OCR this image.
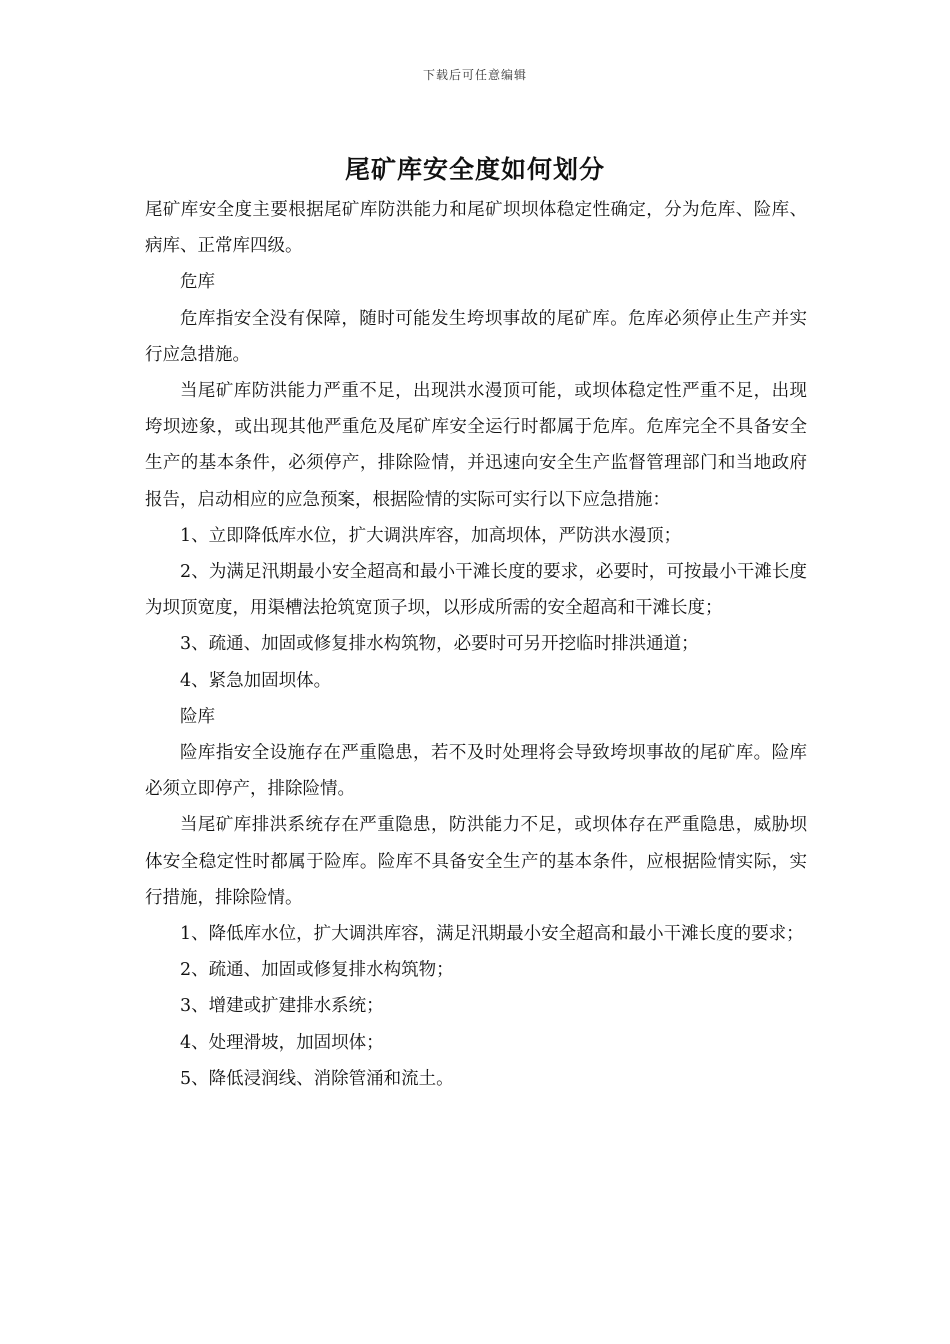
下载后可任意编辑
尾矿库安全度如何划分

尾矿库安全度主要根据尾矿库防洪能力和尾矿坝坝体稳定性确定，分为危库、险库、病库、正常库四级。

危库

危库指安全没有保障，随时可能发生垮坝事故的尾矿库。危库必须停止生产并实行应急措施。

当尾矿库防洪能力严重不足，出现洪水漫顶可能，或坝体稳定性严重不足，出现垮坝迹象，或出现其他严重危及尾矿库安全运行时都属于危库。危库完全不具备安全生产的基本条件，必须停产，排除险情，并迅速向安全生产监督管理部门和当地政府报告，启动相应的应急预案，根据险情的实际可实行以下应急措施：

1、立即降低库水位，扩大调洪库容，加高坝体，严防洪水漫顶；

2、为满足汛期最小安全超高和最小干滩长度的要求，必要时，可按最小干滩长度为坝顶宽度，用渠槽法抢筑宽顶子坝，以形成所需的安全超高和干滩长度；

3、疏通、加固或修复排水构筑物，必要时可另开挖临时排洪通道；

4、紧急加固坝体。

险库

险库指安全设施存在严重隐患，若不及时处理将会导致垮坝事故的尾矿库。险库必须立即停产，排除险情。

当尾矿库排洪系统存在严重隐患，防洪能力不足，或坝体存在严重隐患，威胁坝体安全稳定性时都属于险库。险库不具备安全生产的基本条件，应根据险情实际，实行措施，排除险情。

1、降低库水位，扩大调洪库容，满足汛期最小安全超高和最小干滩长度的要求；

2、疏通、加固或修复排水构筑物；

3、增建或扩建排水系统；

4、处理滑坡，加固坝体；

5、降低浸润线、消除管涌和流土。
